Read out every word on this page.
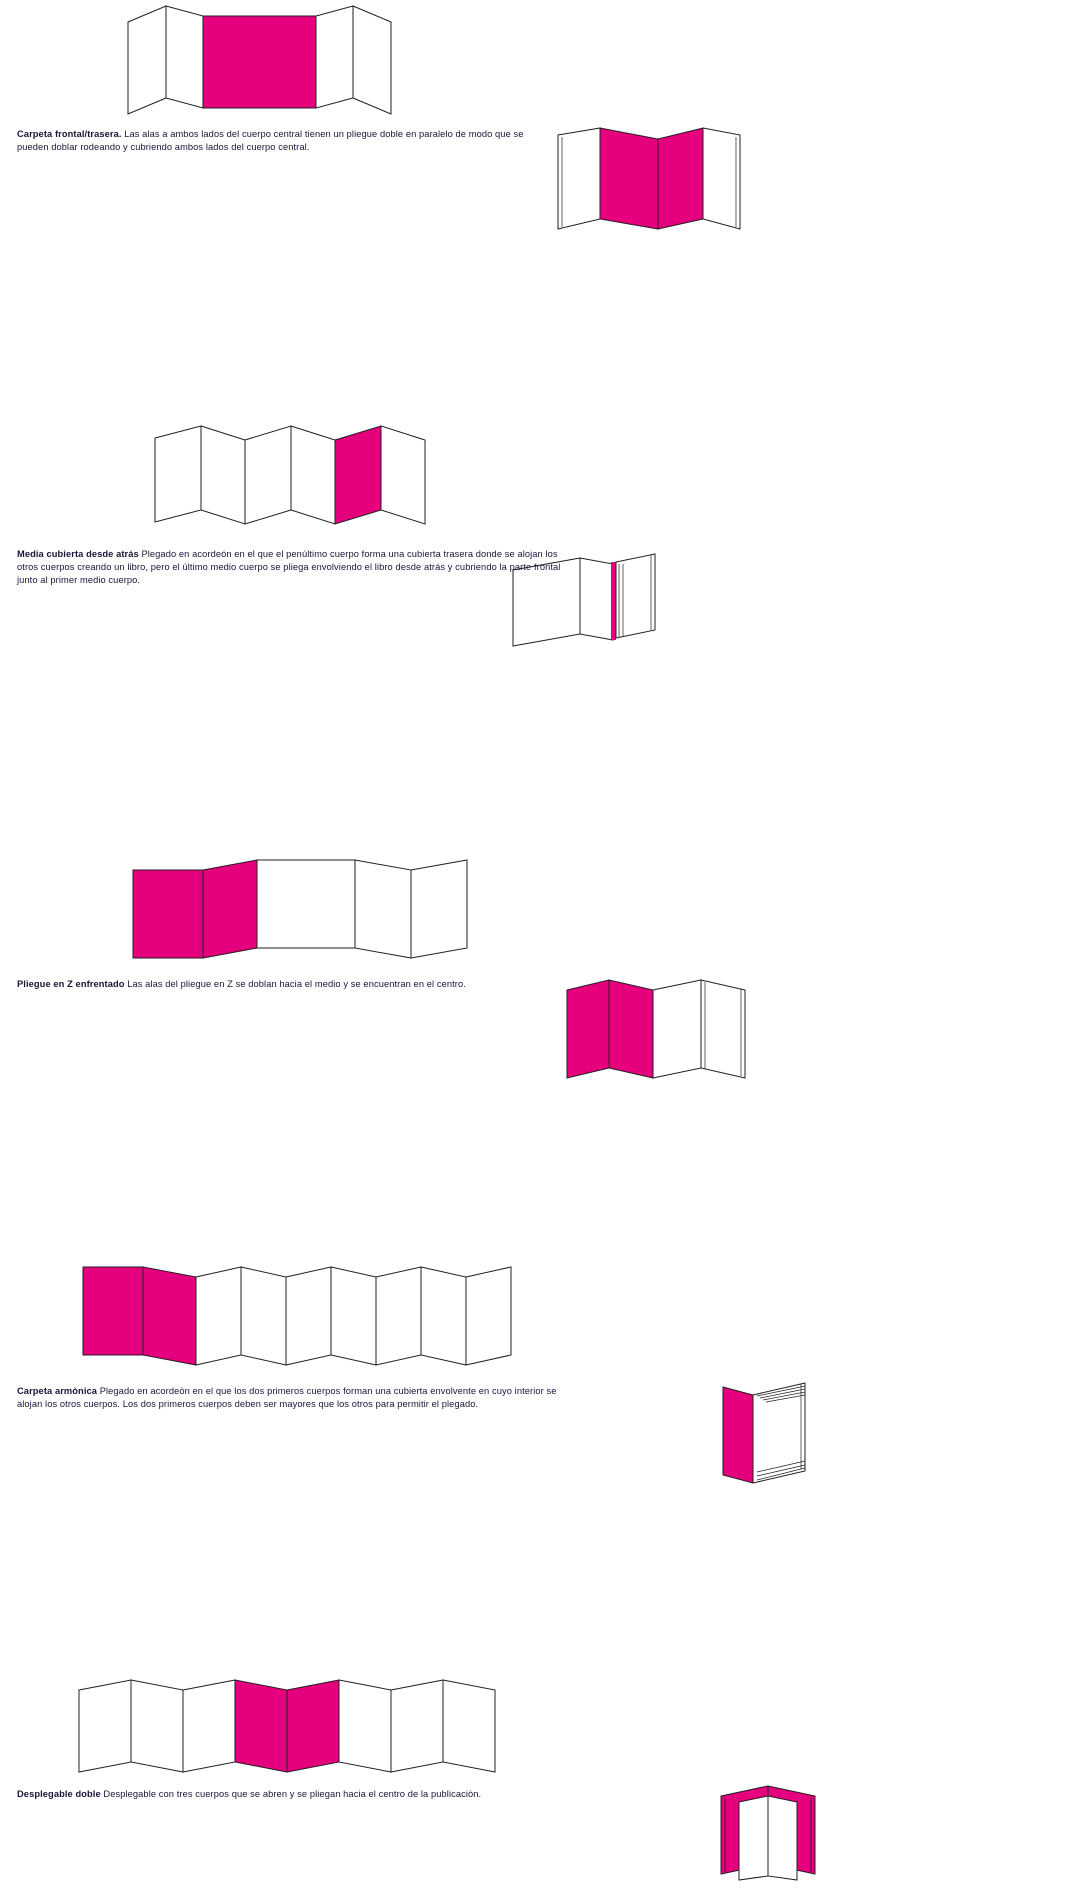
Carpeta frontal/trasera. Las alas a ambos lados del cuerpo central tienen un pliegue doble en paralelo de modo que se pueden doblar rodeando y cubriendo ambos lados del cuerpo central.
Media cubierta desde atrás Plegado en acordeón en el que el penúltimo cuerpo forma una cubierta trasera donde se alojan los otros cuerpos creando un libro, pero el último medio cuerpo se pliega envolviendo el libro desde atrás y cubriendo la parte frontal junto al primer medio cuerpo.
Pliegue en Z enfrentado Las alas del pliegue en Z se doblan hacia el medio y se encuentran en el centro.
Carpeta armònica Plegado en acordeòn en el que los dos primeros cuerpos forman una cubierta envolvente en cuyo interior se alojan los otros cuerpos. Los dos primeros cuerpos deben ser mayores que los otros para permitir el plegado.
Desplegable doble Desplegable con tres cuerpos que se abren y se pliegan hacia el centro de la publicaciòn.
